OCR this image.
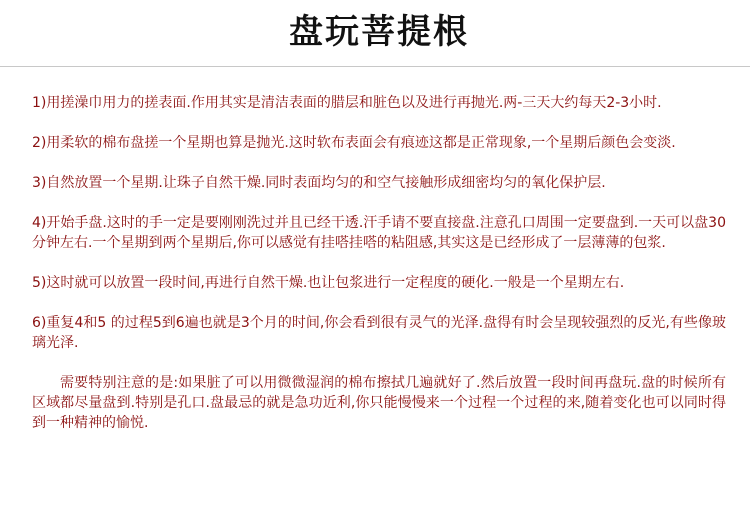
盘玩菩提根

1)用搓澡巾用力的搓表面.作用其实是清洁表面的腊层和脏色以及进行再抛光.两-三天大约每天2-3小时.

2)用柔软的棉布盘搓一个星期也算是抛光.这时软布表面会有痕迹这都是正常现象,一个星期后颜色会变淡.

3)自然放置一个星期.让珠子自然干燥.同时表面均匀的和空气接触形成细密均匀的氧化保护层.

4)开始手盘.这时的手一定是要刚刚洗过并且已经干透.汗手请不要直接盘.注意孔口周围一定要盘到.一天可以盘30分钟左右.一个星期到两个星期后,你可以感觉有挂嗒挂嗒的粘阻感,其实这是已经形成了一层薄薄的包浆.

5)这时就可以放置一段时间,再进行自然干燥.也让包浆进行一定程度的硬化.一般是一个星期左右.

6)重复4和5 的过程5到6遍也就是3个月的时间,你会看到很有灵气的光泽.盘得有时会呈现较强烈的反光,有些像玻璃光泽.

需要特别注意的是:如果脏了可以用微微湿润的棉布擦拭几遍就好了.然后放置一段时间再盘玩.盘的时候所有区域都尽量盘到.特别是孔口.盘最忌的就是急功近利,你只能慢慢来一个过程一个过程的来,随着变化也可以同时得到一种精神的愉悦.
